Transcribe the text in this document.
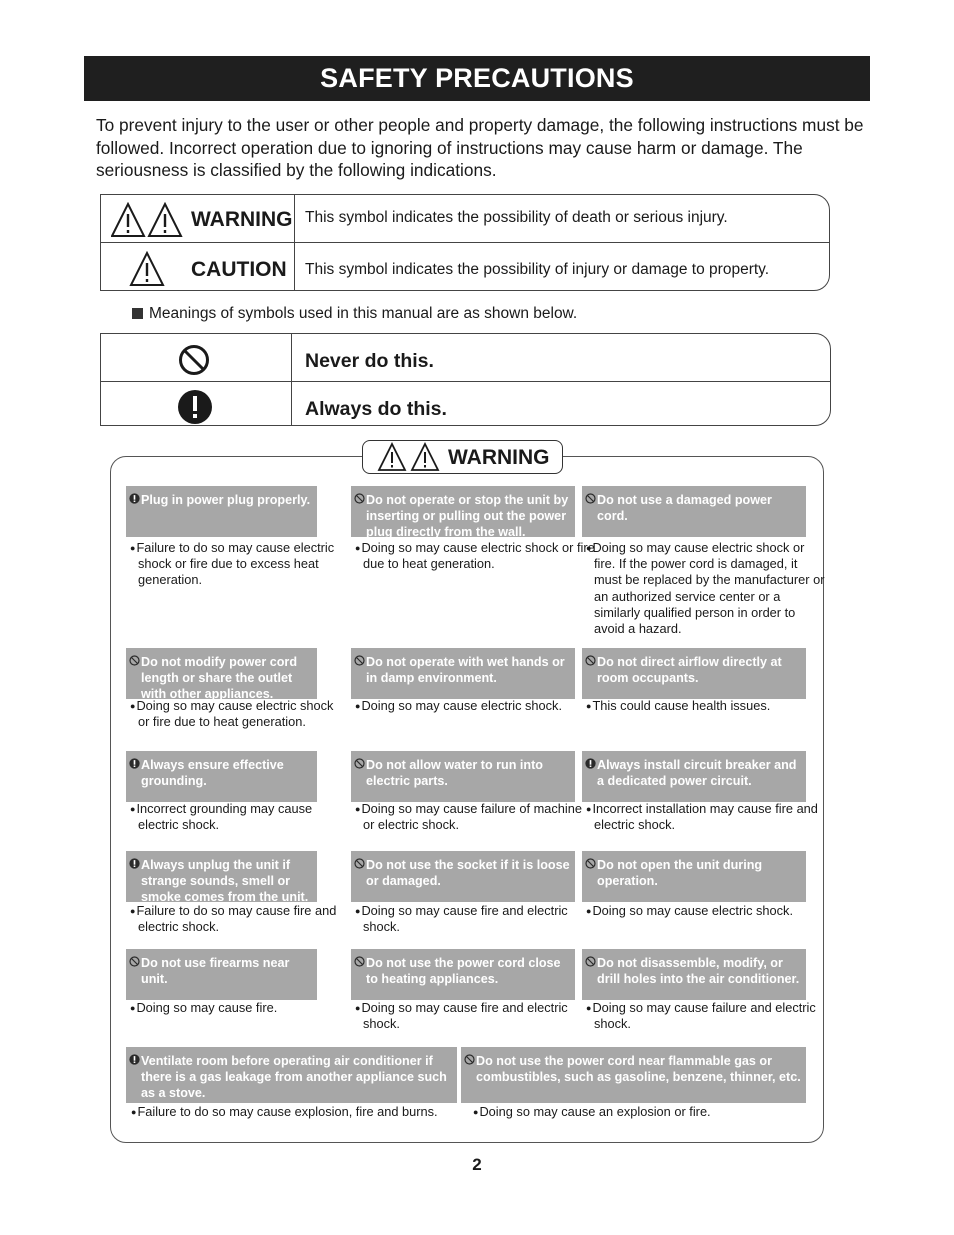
SAFETY PRECAUTIONS
To prevent injury to the user or other people and property damage, the following instructions must be followed. Incorrect operation due to ignoring of instructions may cause harm or damage. The seriousness is classified by the following indications.
WARNING This symbol indicates the possibility of death or serious injury.
CAUTION This symbol indicates the possibility of injury or damage to property.
Meanings of symbols used in this manual are as shown below.
Never do this.
Always do this.
WARNING
Plug in power plug properly.
● Failure to do so may cause electric shock or fire due to excess heat generation.
Do not operate or stop the unit by inserting or pulling out the power plug directly from the wall.
● Doing so may cause electric shock or fire due to heat generation.
Do not use a damaged power cord.
● Doing so may cause electric shock or fire. If the power cord is damaged, it must be replaced by the manufacturer or an authorized service center or a similarly qualified person in order to avoid a hazard.
Do not modify power cord length or share the outlet with other appliances.
● Doing so may cause electric shock or fire due to heat generation.
Do not operate with wet hands or in damp environment.
● Doing so may cause electric shock.
Do not direct airflow directly at room occupants.
● This could cause health issues.
Always ensure effective grounding.
● Incorrect grounding may cause electric shock.
Do not allow water to run into electric parts.
● Doing so may cause failure of machine or electric shock.
Always install circuit breaker and a dedicated power circuit.
● Incorrect installation may cause fire and electric shock.
Always unplug the unit if strange sounds, smell or smoke comes from the unit.
● Failure to do so may cause fire and electric shock.
Do not use the socket if it is loose or damaged.
● Doing so may cause fire and electric shock.
Do not open the unit during operation.
● Doing so may cause electric shock.
Do not use firearms near unit.
● Doing so may cause fire.
Do not use the power cord close to heating appliances.
● Doing so may cause fire and electric shock.
Do not disassemble, modify, or drill holes into the air conditioner.
● Doing so may cause failure and electric shock.
Ventilate room before operating air conditioner if there is a gas leakage from another appliance such as a stove.
● Failure to do so may cause explosion, fire and burns.
Do not use the power cord near flammable gas or combustibles, such as gasoline, benzene, thinner, etc.
● Doing so may cause an explosion or fire.
2
